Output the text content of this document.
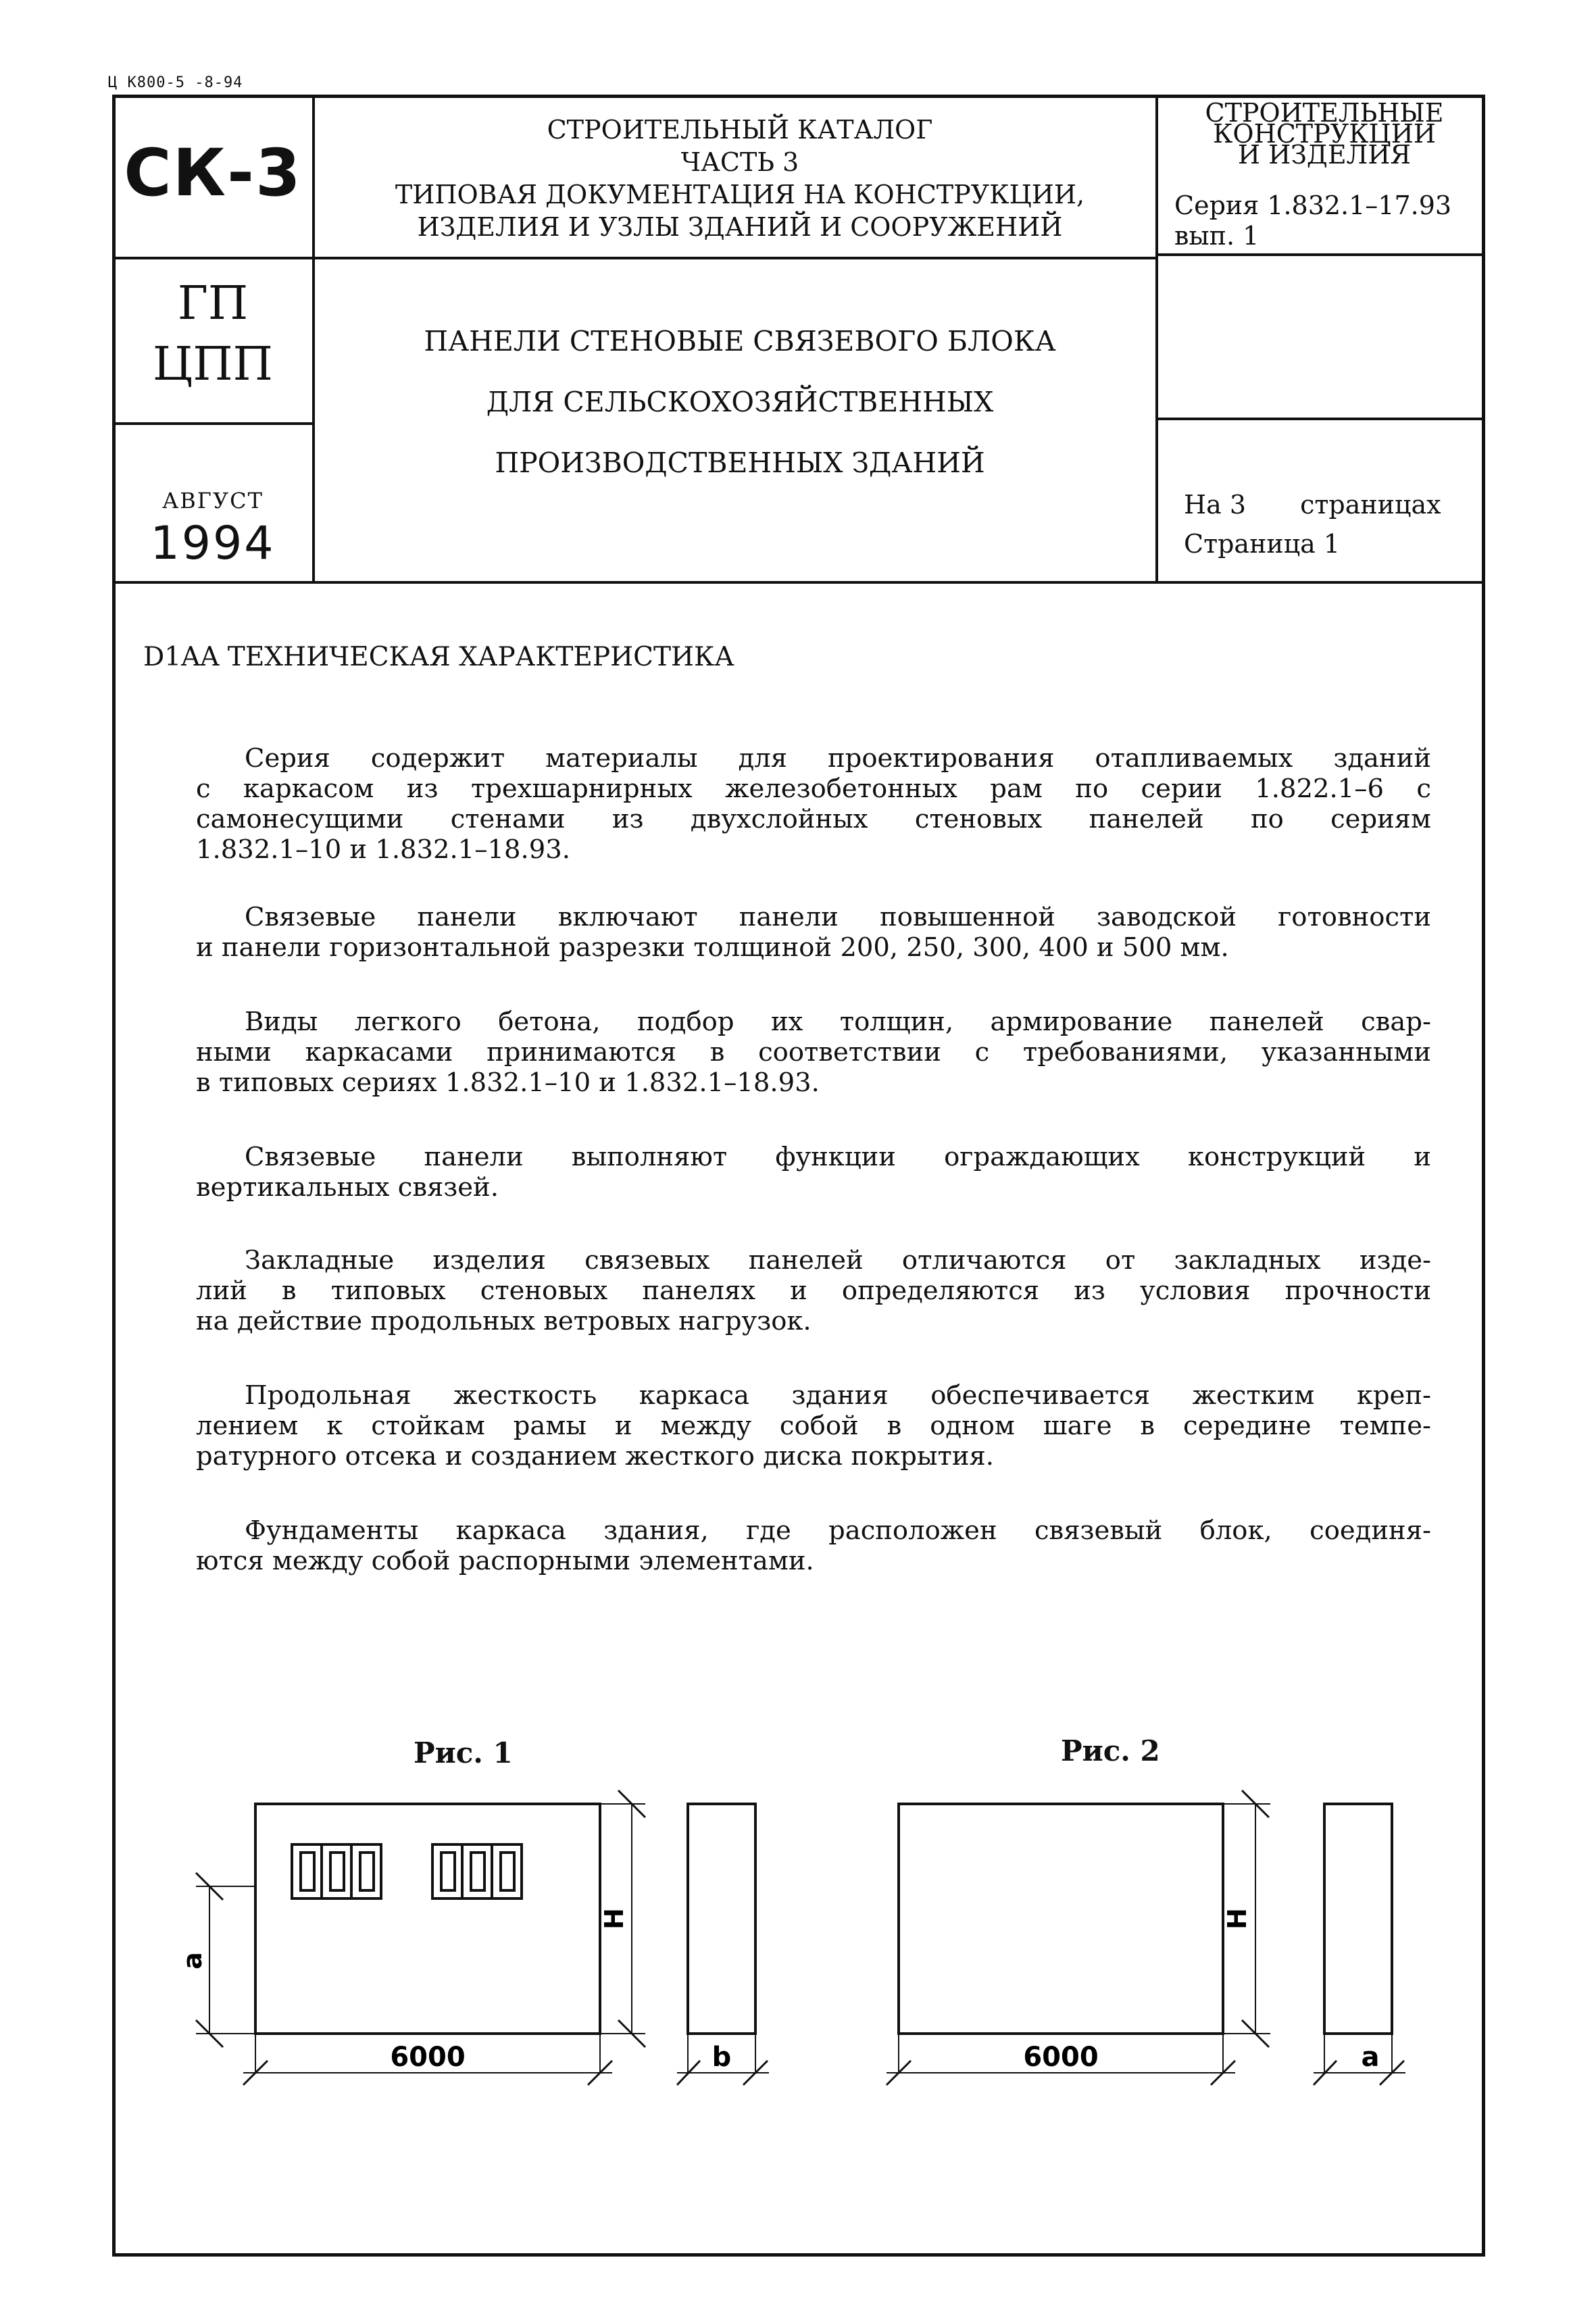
Ц К800-5 -8-94
СК-3
ГП
ЦПП
АВГУСТ
1994
СТРОИТЕЛЬНЫЙ КАТАЛОГ
ЧАСТЬ 3
ТИПОВАЯ ДОКУМЕНТАЦИЯ НА КОНСТРУКЦИИ,
ИЗДЕЛИЯ И УЗЛЫ ЗДАНИЙ И СООРУЖЕНИЙ
ПАНЕЛИ СТЕНОВЫЕ СВЯЗЕВОГО БЛОКА
ДЛЯ СЕЛЬСКОХОЗЯЙСТВЕННЫХ
ПРОИЗВОДСТВЕННЫХ ЗДАНИЙ
СТРОИТЕЛЬНЫЕ
КОНСТРУКЦИИ
И ИЗДЕЛИЯ
Серия 1.832.1–17.93
вып. 1
На 3 страницах
Страница 1
D1AA ТЕХНИЧЕСКАЯ ХАРАКТЕРИСТИКА
Серия содержит материалы для проектирования отапливаемых зданий
с каркасом из трехшарнирных железобетонных рам по серии 1.822.1–6 с
самонесущими стенами из двухслойных стеновых панелей по сериям
1.832.1–10 и 1.832.1–18.93.
Связевые панели включают панели повышенной заводской готовности
и панели горизонтальной разрезки толщиной 200, 250, 300, 400 и 500 мм.
Виды легкого бетона, подбор их толщин, армирование панелей свар-
ными каркасами принимаются в соответствии с требованиями, указанными
в типовых сериях 1.832.1–10 и 1.832.1–18.93.
Связевые панели выполняют функции ограждающих конструкций и
вертикальных связей.
Закладные изделия связевых панелей отличаются от закладных изде-
лий в типовых стеновых панелях и определяются из условия прочности
на действие продольных ветровых нагрузок.
Продольная жесткость каркаса здания обеспечивается жестким креп-
лением к стойкам рамы и между собой в одном шаге в середине темпе-
ратурного отсека и созданием жесткого диска покрытия.
Фундаменты каркаса здания, где расположен связевый блок, соединя-
ются между собой распорными элементами.
Рис. 1	Рис. 2
6000	b
Н
а
6000	а
Н
